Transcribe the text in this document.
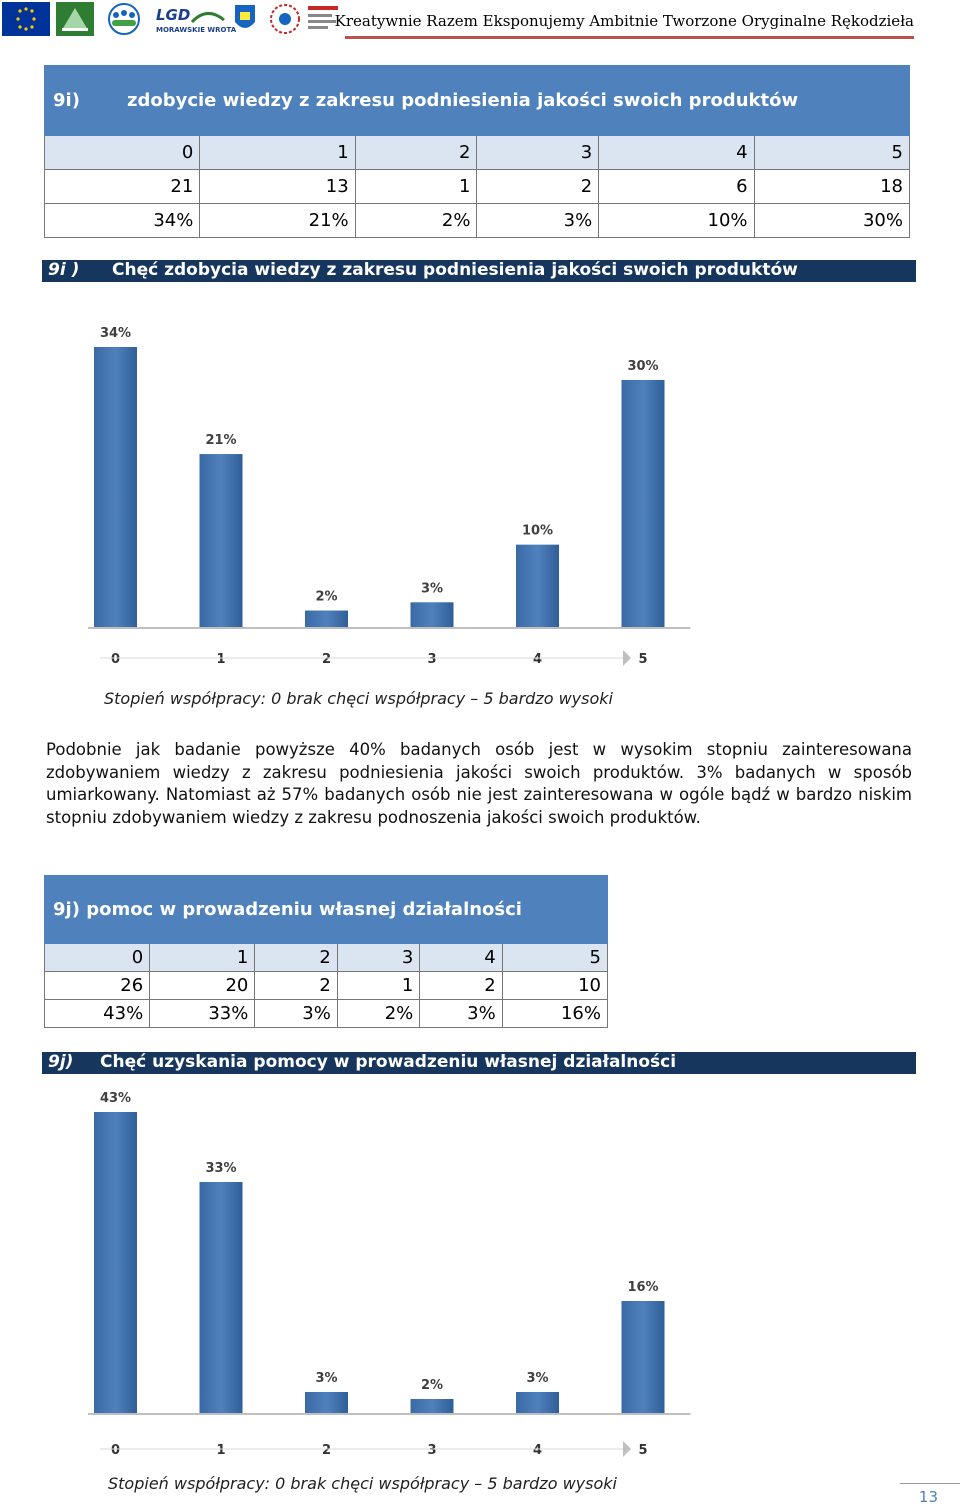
LGD
MORAWSKIE WROTA	Kreatywnie Razem Eksponujemy Ambitnie Tworzone Oryginalne Rękodzieła
9i) zdobycie wiedzy z zakresu podniesienia jakości swoich produktów					
0	1	2	3	4	5
21	13	1	2	6	18
34%	21%	2%	3%	10%	30%
9i ) Chęć zdobycia wiedzy z zakresu podniesienia jakości swoich produktów
34%
0
21%
1
2%
2
3%
3
10%
4
30%
5
Stopień współpracy: 0 brak chęci współpracy – 5 bardzo wysoki

Podobnie jak badanie powyższe 40% badanych osób jest w wysokim stopniu zainteresowana zdobywaniem wiedzy z zakresu podniesienia jakości swoich produktów. 3% badanych w sposób umiarkowany. Natomiast aż 57% badanych osób nie jest zainteresowana w ogóle bądź w bardzo niskim stopniu zdobywaniem wiedzy z zakresu podnoszenia jakości swoich produktów.

9j) pomoc w prowadzeniu własnej działalności					
0	1	2	3	4	5
26	20	2	1	2	10
43%	33%	3%	2%	3%	16%
9j) Chęć uzyskania pomocy w prowadzeniu własnej działalności
43%
0
33%
1
3%
2
2%
3
3%
4
16%
5
Stopień współpracy: 0 brak chęci współpracy – 5 bardzo wysoki
13
